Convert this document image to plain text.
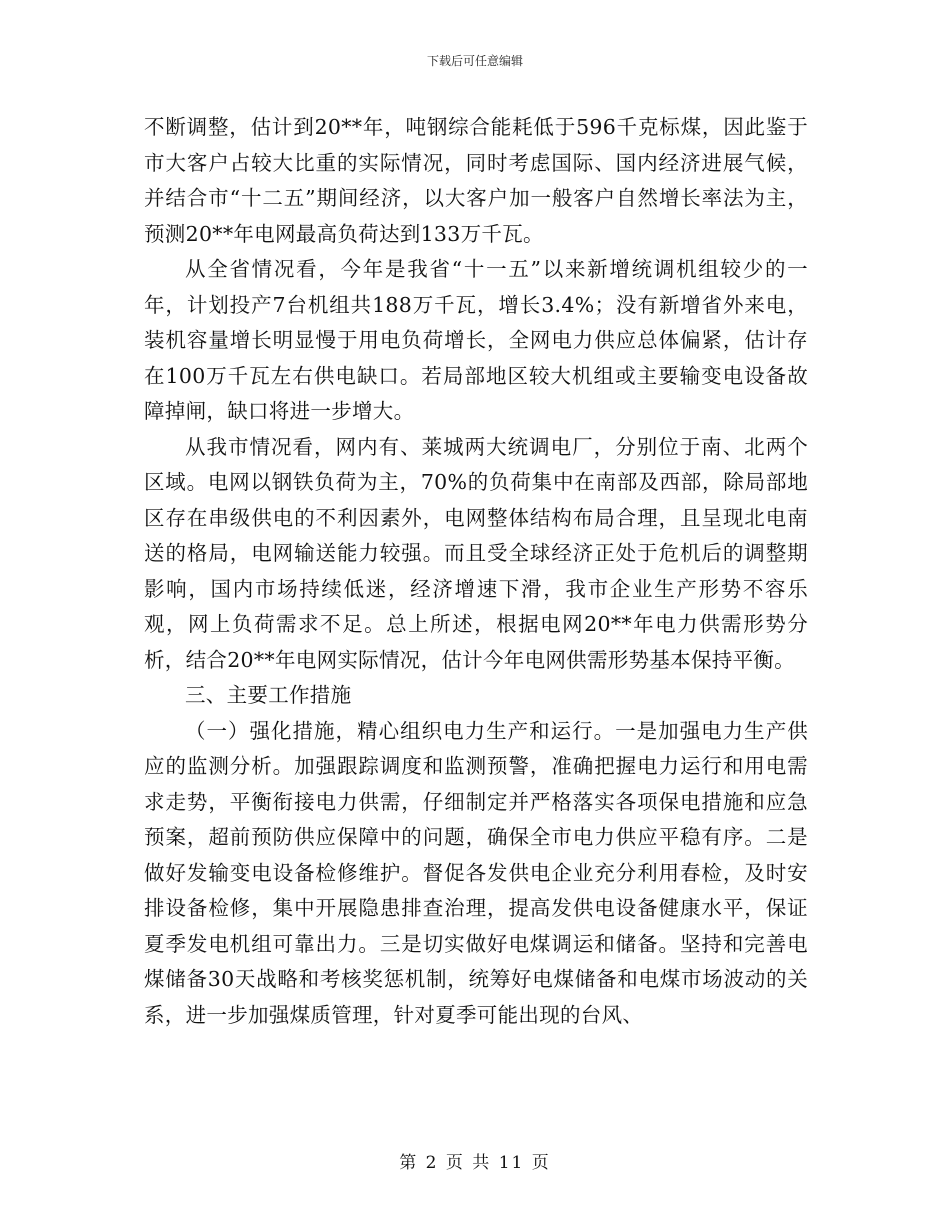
下载后可任意编辑

不断调整，估计到20**年，吨钢综合能耗低于596千克标煤，因此鉴于市大客户占较大比重的实际情况，同时考虑国际、国内经济进展气候，并结合市“十二五”期间经济，以大客户加一般客户自然增长率法为主，预测20**年电网最高负荷达到133万千瓦。

从全省情况看，今年是我省“十一五”以来新增统调机组较少的一年，计划投产7台机组共188万千瓦，增长3.4%；没有新增省外来电，装机容量增长明显慢于用电负荷增长，全网电力供应总体偏紧，估计存在100万千瓦左右供电缺口。若局部地区较大机组或主要输变电设备故障掉闸，缺口将进一步增大。

从我市情况看，网内有、莱城两大统调电厂，分别位于南、北两个区域。电网以钢铁负荷为主，70%的负荷集中在南部及西部，除局部地区存在串级供电的不利因素外，电网整体结构布局合理，且呈现北电南送的格局，电网输送能力较强。而且受全球经济正处于危机后的调整期影响，国内市场持续低迷，经济增速下滑，我市企业生产形势不容乐观，网上负荷需求不足。总上所述，根据电网20**年电力供需形势分析，结合20**年电网实际情况，估计今年电网供需形势基本保持平衡。

三、主要工作措施

（一）强化措施，精心组织电力生产和运行。一是加强电力生产供应的监测分析。加强跟踪调度和监测预警，准确把握电力运行和用电需求走势，平衡衔接电力供需，仔细制定并严格落实各项保电措施和应急预案，超前预防供应保障中的问题，确保全市电力供应平稳有序。二是做好发输变电设备检修维护。督促各发供电企业充分利用春检，及时安排设备检修，集中开展隐患排查治理，提高发供电设备健康水平，保证夏季发电机组可靠出力。三是切实做好电煤调运和储备。坚持和完善电煤储备30天战略和考核奖惩机制，统筹好电煤储备和电煤市场波动的关系，进一步加强煤质管理，针对夏季可能出现的台风、

第 2 页 共 11 页
